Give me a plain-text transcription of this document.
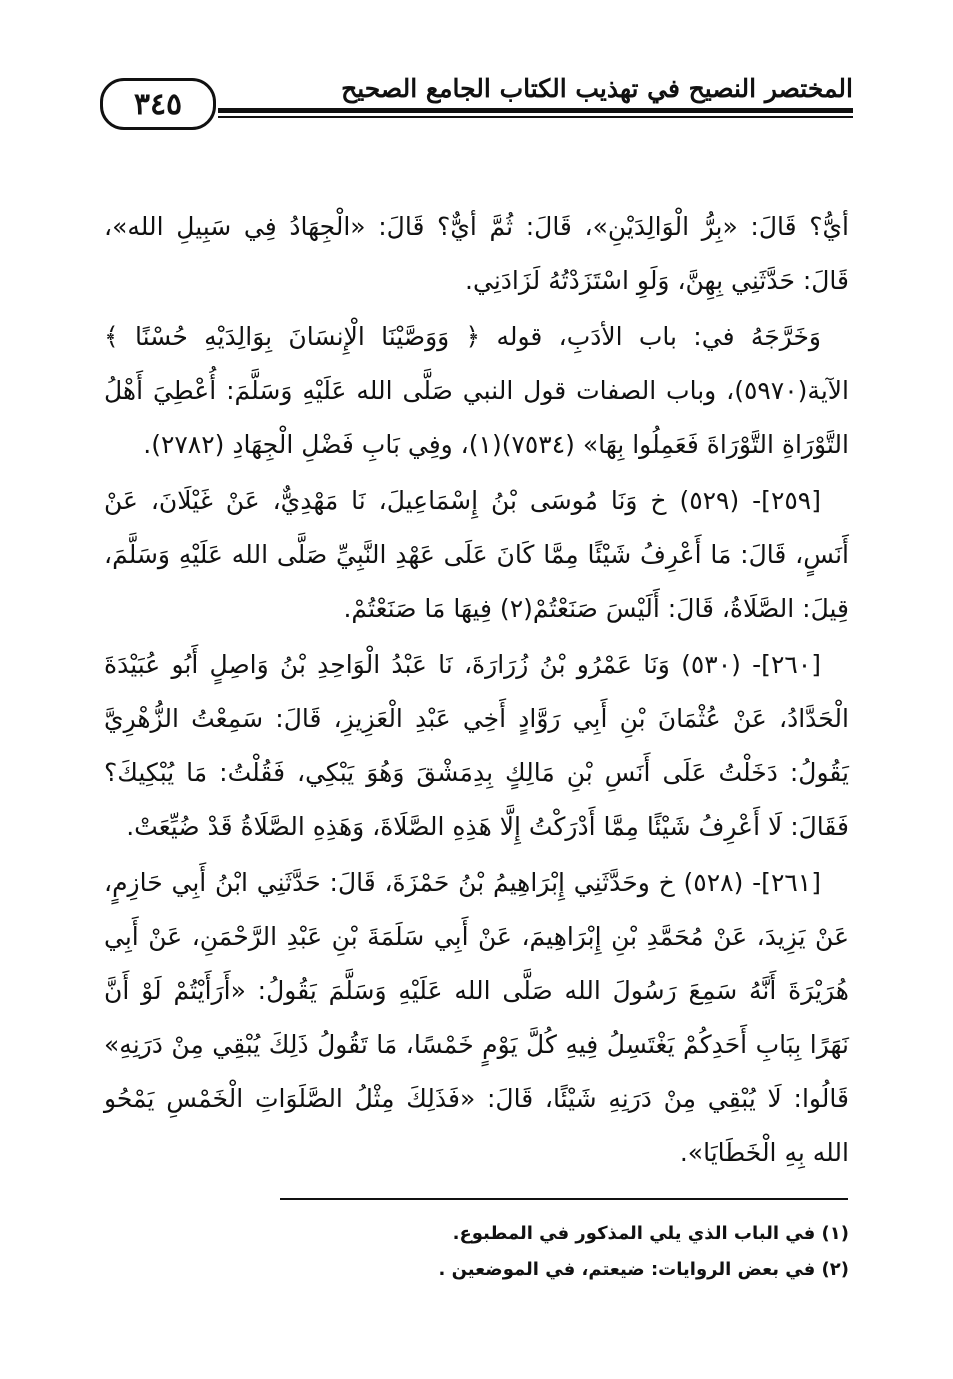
المختصر النصيح في تهذيب الكتاب الجامع الصحيح
٣٤٥

أيُّ؟ قَالَ: «بِرُّ الْوَالِدَيْنِ»، قَالَ: ثُمَّ أيٌّ؟ قَالَ: «الْجِهَادُ فِي سَبِيلِ الله»، قَالَ: حَدَّثَنِي بِهِنَّ، وَلَوِ اسْتَزَدْتُهُ لَزَادَنِي.

وَخَرَّجَهُ في: باب الأدَبِ، قوله ﴿ وَوَصَّيْنَا الْإِنسَانَ بِوَالِدَيْهِ حُسْنًا ﴾ الآية(٥٩٧٠)، وباب الصفات قول النبي صَلَّى الله عَلَيْهِ وَسَلَّمَ: أُعْطِيَ أَهْلُ التَّوْرَاةِ التَّوْرَاةَ فَعَمِلُوا بِهَا» (٧٥٣٤)(١)، وفِي بَابِ فَضْلِ الْجِهَادِ (٢٧٨٢).

[٢٥٩]- (٥٢٩) خ وَنَا مُوسَى بْنُ إِسْمَاعِيلَ، نَا مَهْدِيٌّ، عَنْ غَيْلَانَ، عَنْ أَنَسٍ، قَالَ: مَا أَعْرِفُ شَيْئًا مِمَّا كَانَ عَلَى عَهْدِ النَّبِيِّ صَلَّى الله عَلَيْهِ وَسَلَّمَ، قِيلَ: الصَّلَاةُ، قَالَ: أَلَيْسَ صَنَعْتُمْ(٢) فِيهَا مَا صَنَعْتُمْ.

[٢٦٠]- (٥٣٠) وَنَا عَمْرُو بْنُ زُرَارَةَ، نَا عَبْدُ الْوَاحِدِ بْنُ وَاصِلٍ أَبُو عُبَيْدَةَ الْحَدَّادُ، عَنْ عُثْمَانَ بْنِ أَبِي رَوَّادٍ أَخِي عَبْدِ الْعَزِيزِ، قَالَ: سَمِعْتُ الزُّهْرِيَّ يَقُولُ: دَخَلْتُ عَلَى أَنَسِ بْنِ مَالِكٍ بِدِمَشْقَ وَهُوَ يَبْكِي، فَقُلْتُ: مَا يُبْكِيكَ؟ فَقَالَ: لَا أَعْرِفُ شَيْئًا مِمَّا أَدْرَكْتُ إِلَّا هَذِهِ الصَّلَاةَ، وَهَذِهِ الصَّلَاةُ قَدْ ضُيِّعَتْ.

[٢٦١]- (٥٢٨) خ وحَدَّثَنِي إِبْرَاهِيمُ بْنُ حَمْزَةَ، قَالَ: حَدَّثَنِي ابْنُ أَبِي حَازِمٍ، عَنْ يَزِيدَ، عَنْ مُحَمَّدِ بْنِ إِبْرَاهِيمَ، عَنْ أَبِي سَلَمَةَ بْنِ عَبْدِ الرَّحْمَنِ، عَنْ أَبِي هُرَيْرَةَ أَنَّهُ سَمِعَ رَسُولَ الله صَلَّى الله عَلَيْهِ وَسَلَّمَ يَقُولُ: «أَرَأَيْتُمْ لَوْ أَنَّ نَهَرًا بِبَابِ أَحَدِكُمْ يَغْتَسِلُ فِيهِ كُلَّ يَوْمٍ خَمْسًا، مَا تَقُولُ ذَلِكَ يُبْقِي مِنْ دَرَنِهِ» قَالُوا: لَا يُبْقِي مِنْ دَرَنِهِ شَيْئًا، قَالَ: «فَذَلِكَ مِثْلُ الصَّلَوَاتِ الْخَمْسِ يَمْحُو الله بِهِ الْخَطَايَا».

(١) في الباب الذي يلي المذكور في المطبوع.
(٢) في بعض الروايات: ضيعتم، في الموضعين .
